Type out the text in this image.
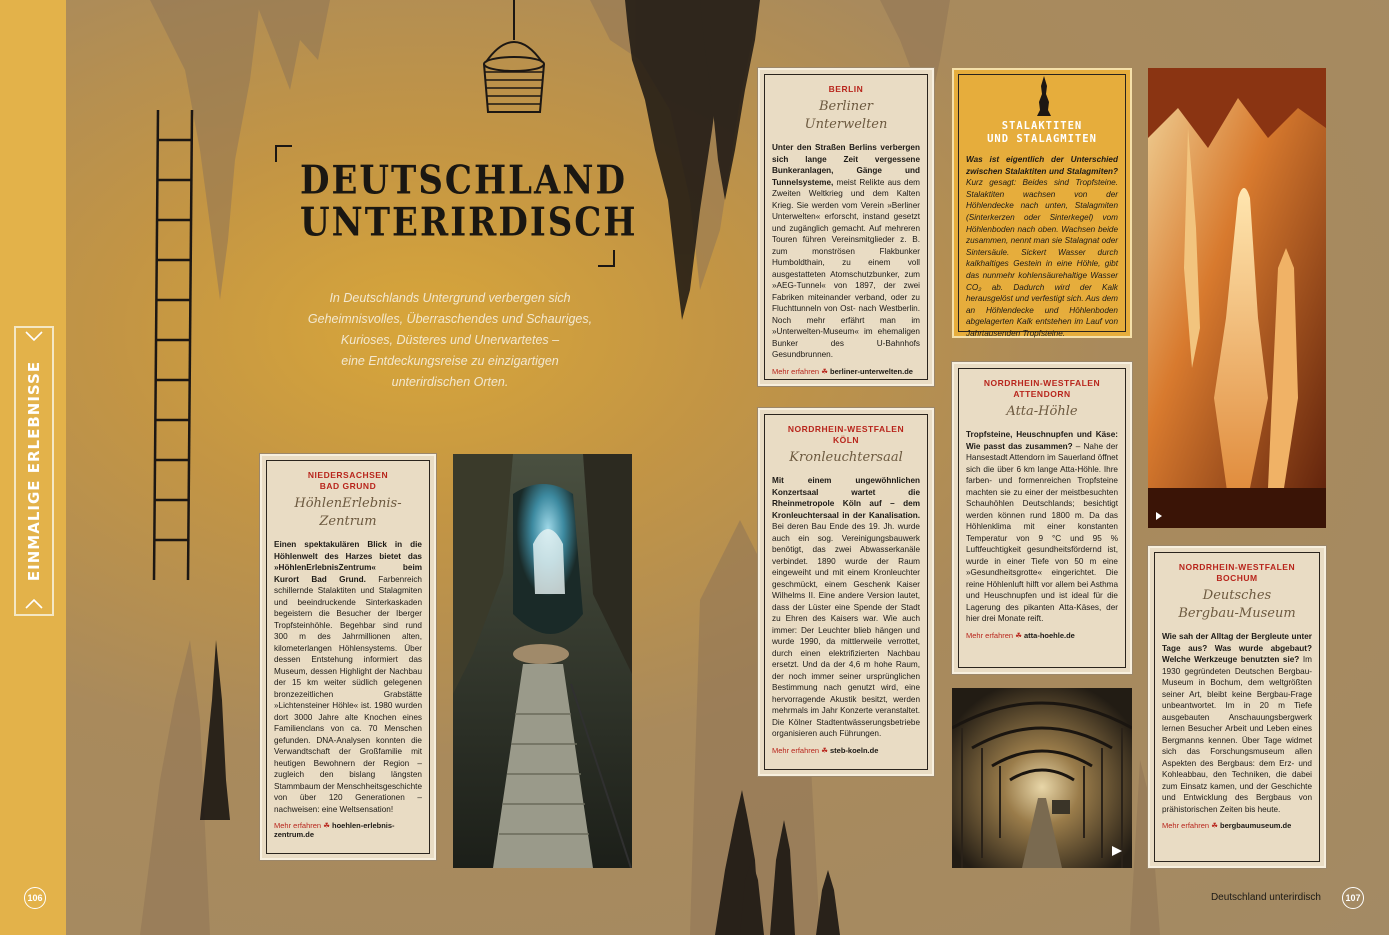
EINMALIGE ERLEBNISSE
106	107
Deutschland unterirdisch
DEUTSCHLAND
UNTERIRDISCH
In Deutschlands Untergrund verbergen sich
Geheimnisvolles, Überraschendes und Schauriges,
Kurioses, Düsteres und Unerwartetes –
eine Entdeckungsreise zu einzigartigen
unterirdischen Orten.
NIEDERSACHSEN
BAD GRUND
HöhlenErlebnis-
Zentrum
Einen spektakulären Blick in die Höhlenwelt des Harzes bietet das »HöhlenErlebnisZentrum« beim Kurort Bad Grund. Farbenreich schillernde Stalaktiten und Stalagmiten und beeindruckende Sinterkaskaden begeistern die Besucher der Iberger Tropfsteinhöhle. Begehbar sind rund 300 m des Jahrmillionen alten, kilometerlangen Höhlensystems. Über dessen Entstehung informiert das Museum, dessen Highlight der Nachbau der 15 km weiter südlich gelegenen bronzezeitlichen Grabstätte »Lichtensteiner Höhle« ist. 1980 wurden dort 3000 Jahre alte Knochen eines Familienclans von ca. 70 Menschen gefunden. DNA-Analysen konnten die Verwandtschaft der Großfamilie mit heutigen Bewohnern der Region – zugleich den bislang längsten Stammbaum der Menschheitsgeschichte von über 120 Generationen – nachweisen: eine Weltsensation!
Mehr erfahren ☘ hoehlen-erlebnis-zentrum.de
BERLIN
Berliner
Unterwelten
Unter den Straßen Berlins verbergen sich lange Zeit vergessene Bunkeranlagen, Gänge und Tunnelsysteme, meist Relikte aus dem Zweiten Weltkrieg und dem Kalten Krieg. Sie werden vom Verein »Berliner Unterwelten« erforscht, instand gesetzt und zugänglich gemacht. Auf mehreren Touren führen Vereinsmitglieder z. B. zum monströsen Flakbunker Humboldthain, zu einem voll ausgestatteten Atomschutzbunker, zum »AEG-Tunnel« von 1897, der zwei Fabriken miteinander verband, oder zu Fluchttunneln von Ost- nach Westberlin. Noch mehr erfährt man im »Unterwelten-Museum« im ehemaligen Bunker des U-Bahnhofs Gesundbrunnen.
Mehr erfahren ☘ berliner-unterwelten.de
NORDRHEIN-WESTFALEN
KÖLN
Kronleuchtersaal
Mit einem ungewöhnlichen Konzertsaal wartet die Rheinmetropole Köln auf – dem Kronleuchtersaal in der Kanalisation. Bei deren Bau Ende des 19. Jh. wurde auch ein sog. Vereinigungsbauwerk benötigt, das zwei Abwasserkanäle verbindet. 1890 wurde der Raum eingeweiht und mit einem Kronleuchter geschmückt, einem Geschenk Kaiser Wilhelms II. Eine andere Version lautet, dass der Lüster eine Spende der Stadt zu Ehren des Kaisers war. Wie auch immer: Der Leuchter blieb hängen und wurde 1990, da mittlerweile verrottet, durch einen elektrifizierten Nachbau ersetzt. Und da der 4,6 m hohe Raum, der noch immer seiner ursprünglichen Bestimmung nach genutzt wird, eine hervorragende Akustik besitzt, werden mehrmals im Jahr Konzerte veranstaltet. Die Kölner Stadtentwässerungsbetriebe organisieren auch Führungen.
Mehr erfahren ☘ steb-koeln.de
STALAKTITEN
UND STALAGMITEN
Was ist eigentlich der Unterschied zwischen Stalaktiten und Stalagmiten? Kurz gesagt: Beides sind Tropfsteine. Stalaktiten wachsen von der Höhlendecke nach unten, Stalagmiten (Sinterkerzen oder Sinterkegel) vom Höhlenboden nach oben. Wachsen beide zusammen, nennt man sie Stalagnat oder Sintersäule. Sickert Wasser durch kalkhaltiges Gestein in eine Höhle, gibt das nunmehr kohlensäurehaltige Wasser CO₂ ab. Dadurch wird der Kalk herausgelöst und verfestigt sich. Aus dem an Höhlendecke und Höhlenboden abgelagerten Kalk entstehen im Lauf von Jahrtausenden Tropfsteine.
NORDRHEIN-WESTFALEN
ATTENDORN
Atta-Höhle
Tropfsteine, Heuschnupfen und Käse: Wie passt das zusammen? – Nahe der Hansestadt Attendorn im Sauerland öffnet sich die über 6 km lange Atta-Höhle. Ihre farben- und formenreichen Tropfsteine machten sie zu einer der meistbesuchten Schauhöhlen Deutschlands; besichtigt werden können rund 1800 m. Da das Höhlenklima mit einer konstanten Temperatur von 9 °C und 95 % Luftfeuchtigkeit gesundheitsfördernd ist, wurde in einer Tiefe von 50 m eine »Gesundheitsgrotte« eingerichtet. Die reine Höhlenluft hilft vor allem bei Asthma und Heuschnupfen und ist ideal für die Lagerung des pikanten Atta-Käses, der hier drei Monate reift.
Mehr erfahren ☘ atta-hoehle.de
NORDRHEIN-WESTFALEN
BOCHUM
Deutsches
Bergbau-Museum
Wie sah der Alltag der Bergleute unter Tage aus? Was wurde abgebaut? Welche Werkzeuge benutzten sie? Im 1930 gegründeten Deutschen Bergbau-Museum in Bochum, dem weltgrößten seiner Art, bleibt keine Bergbau-Frage unbeantwortet. Im in 20 m Tiefe ausgebauten Anschauungsbergwerk lernen Besucher Arbeit und Leben eines Bergmanns kennen. Über Tage widmet sich das Forschungsmuseum allen Aspekten des Bergbaus: dem Erz- und Kohleabbau, den Techniken, die dabei zum Einsatz kamen, und der Geschichte und Entwicklung des Bergbaus von prähistorischen Zeiten bis heute.
Mehr erfahren ☘ bergbaumuseum.de
